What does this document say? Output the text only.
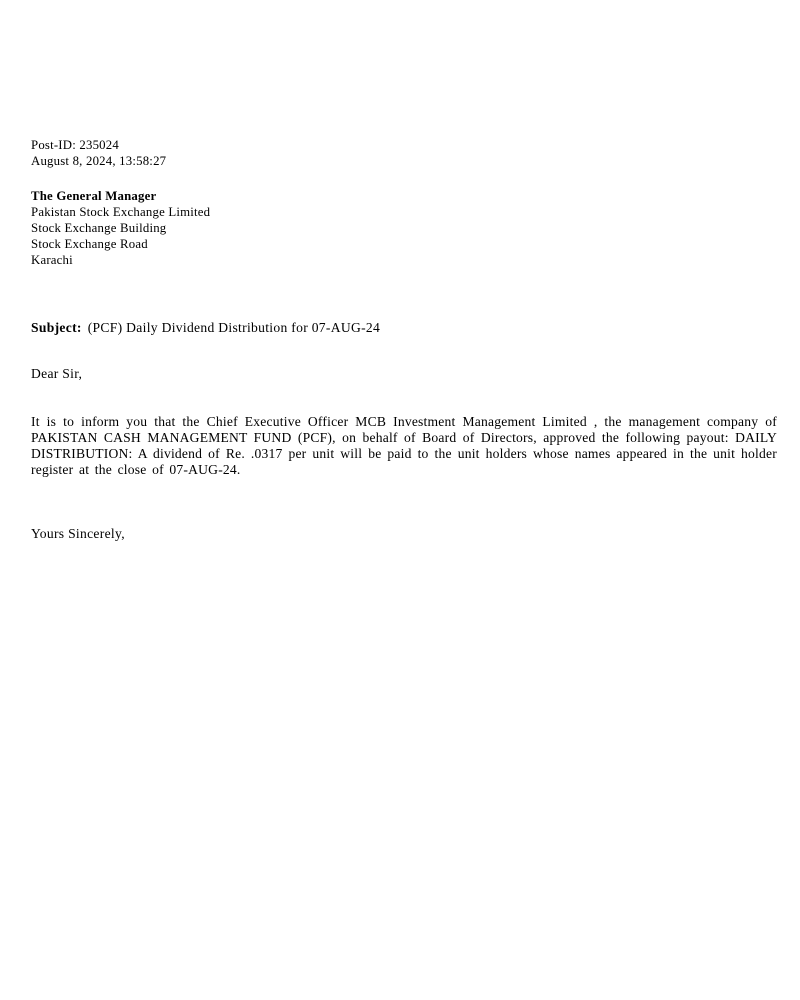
Post-ID: 235024
August 8, 2024, 13:58:27
The General Manager
Pakistan Stock Exchange Limited
Stock Exchange Building
Stock Exchange Road
Karachi
Subject: (PCF) Daily Dividend Distribution for 07-AUG-24
Dear Sir,
It is to inform you that the Chief Executive Officer MCB Investment Management Limited , the management company of PAKISTAN CASH MANAGEMENT FUND (PCF), on behalf of Board of Directors, approved the following payout: DAILY DISTRIBUTION: A dividend of Re. .0317 per unit will be paid to the unit holders whose names appeared in the unit holder register at the close of 07-AUG-24.
Yours Sincerely,
